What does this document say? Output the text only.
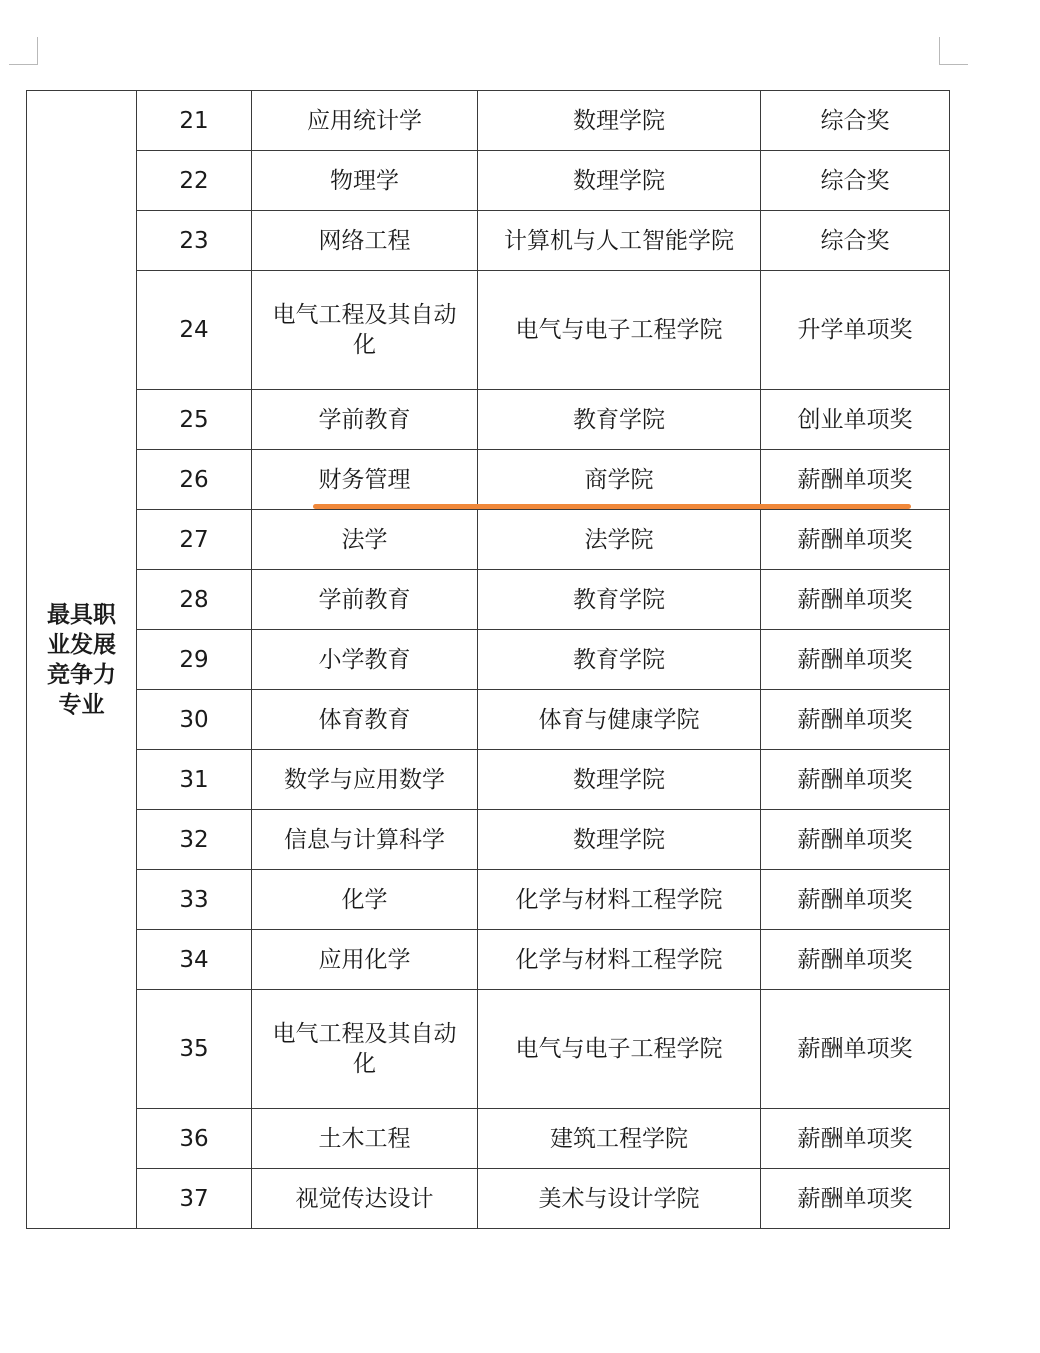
最具职业发展竞争力专业	21	应用统计学	数理学院	综合奖
	22	物理学	数理学院	综合奖
	23	网络工程	计算机与人工智能学院	综合奖
	24	电气工程及其自动化	电气与电子工程学院	升学单项奖
	25	学前教育	教育学院	创业单项奖
	26	财务管理	商学院	薪酬单项奖
	27	法学	法学院	薪酬单项奖
	28	学前教育	教育学院	薪酬单项奖
	29	小学教育	教育学院	薪酬单项奖
	30	体育教育	体育与健康学院	薪酬单项奖
	31	数学与应用数学	数理学院	薪酬单项奖
	32	信息与计算科学	数理学院	薪酬单项奖
	33	化学	化学与材料工程学院	薪酬单项奖
	34	应用化学	化学与材料工程学院	薪酬单项奖
	35	电气工程及其自动化	电气与电子工程学院	薪酬单项奖
	36	土木工程	建筑工程学院	薪酬单项奖
	37	视觉传达设计	美术与设计学院	薪酬单项奖
